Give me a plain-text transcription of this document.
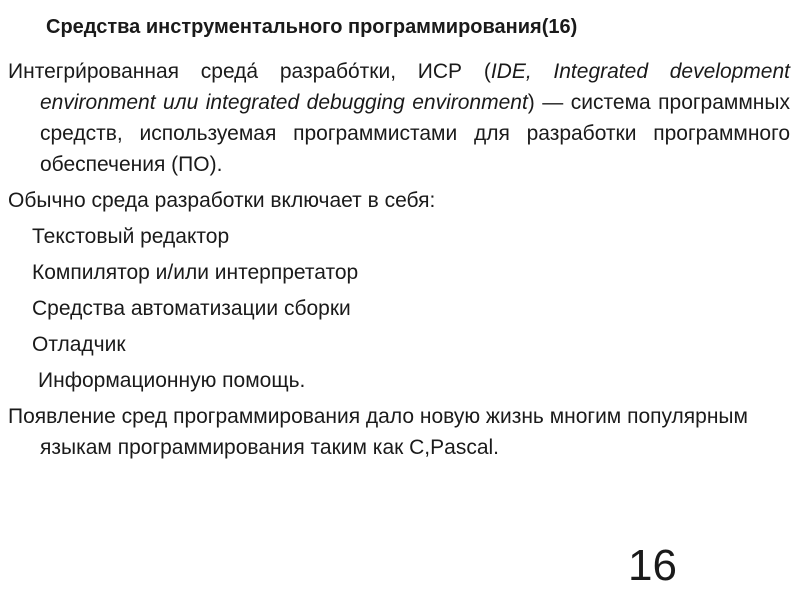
Средства инструментального программирования(16)

Интегри́рованная среда́ разрабо́тки, ИСР (IDE, Integrated development environment или integrated debugging environment) — система программных средств, используемая программистами для разработки программного обеспечения (ПО).

Обычно среда разработки включает в себя:

Текстовый редактор

Компилятор и/или интерпретатор

Средства автоматизации сборки

Отладчик

Информационную помощь.

Появление сред программирования дало новую жизнь многим популярным языкам программирования таким как C,Pascal.

16
